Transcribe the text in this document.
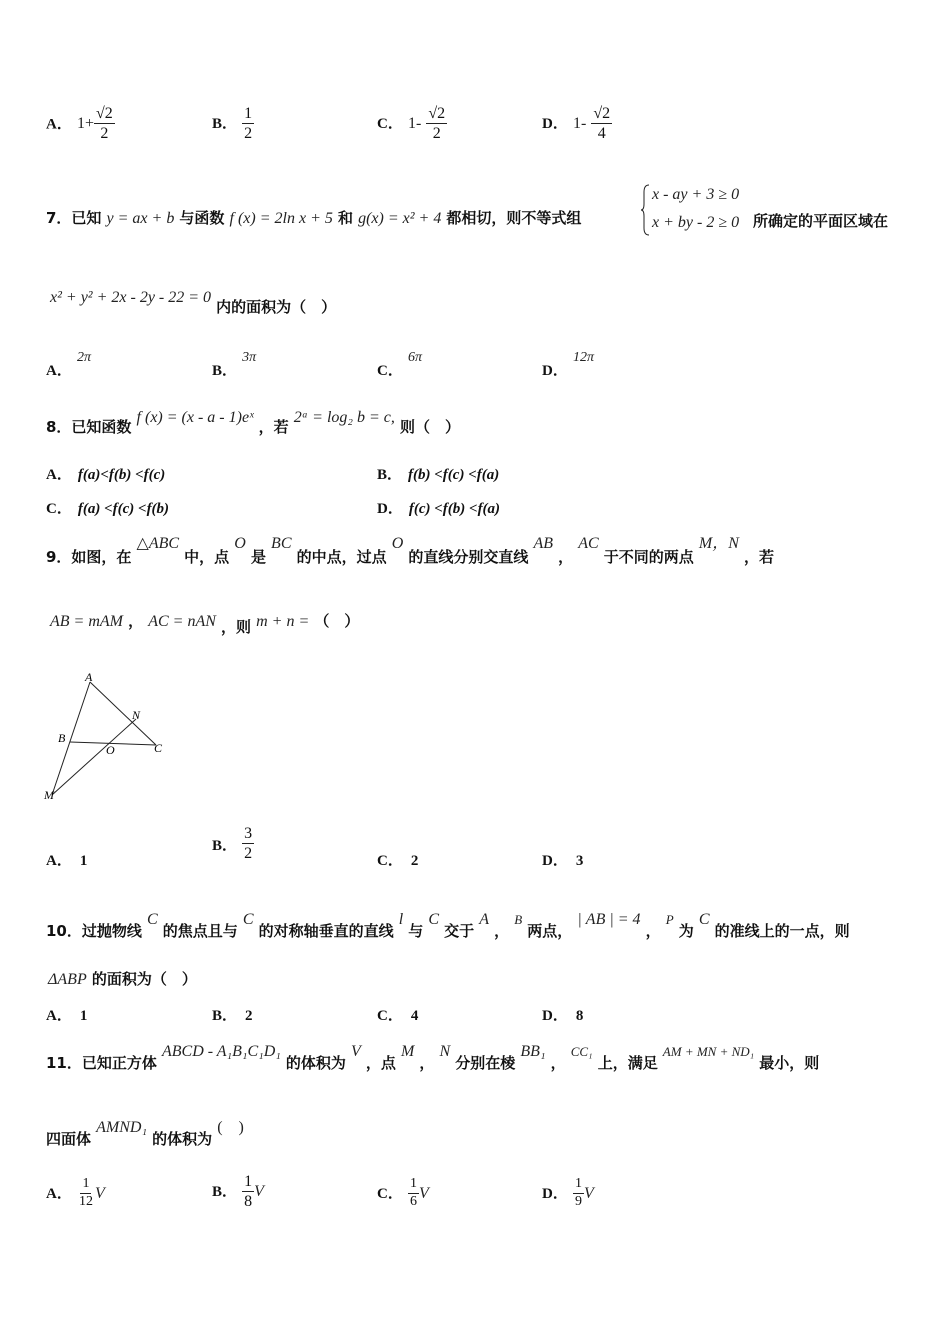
A． $1+ \frac{√2}{2}$	B． $\frac{1}{2}$	C． $1- \frac{√2}{2}$	D． $1- \frac{√2}{4}$
7．已知 y = ax + b 与函数 f (x) = 2ln x + 5 和 g(x) = x² + 4 都相切，则不等式组
x - ay + 3 ≥ 0
x + by - 2 ≥ 0 所确定的平面区域在
x² + y² + 2x - 2y - 22 = 0 内的面积为（　）
A． 2π
B． 3π
C． 6π
D． 12π
8．已知函数 f (x) = (x - a - 1)eˣ ，若 2ᵃ = log₂ b = c, 则（　）
A． f(a)<f(b) <f(c)	B． f(b) <f(c) <f(a)
C． f(a) <f(c) <f(b)	D． f(c) <f(b) <f(a)
9．如图，在 △ABC 中，点 O 是 BC 的中点，过点 O 的直线分别交直线 AB ， AC 于不同的两点 M，N ，若
AB = mAM ， AC = nAN ，则 m + n = （　）
A
B
O	C
N
M
A． 1
B． $\frac{3}{2}$	C． 2	D． 3
10．过抛物线 C 的焦点且与 C 的对称轴垂直的直线 l 与 C 交于 A ， B 两点， | AB | = 4 ， P 为 C 的准线上的一点，则
ΔABP 的面积为（　）
A． 1	B． 2	C． 4	D． 8
11．已知正方体 ABCD - A₁B₁C₁D₁ 的体积为 V ，点 M ， N 分别在棱 BB₁ ， CC₁ 上，满足 AM + MN + ND₁ 最小，则
四面体 AMND₁ 的体积为 (　)
A． $\frac{1}{12}$ V	B． $\frac{1}{8}$ V	C． $\frac{1}{6}$ V	D． $\frac{1}{9}$ V
